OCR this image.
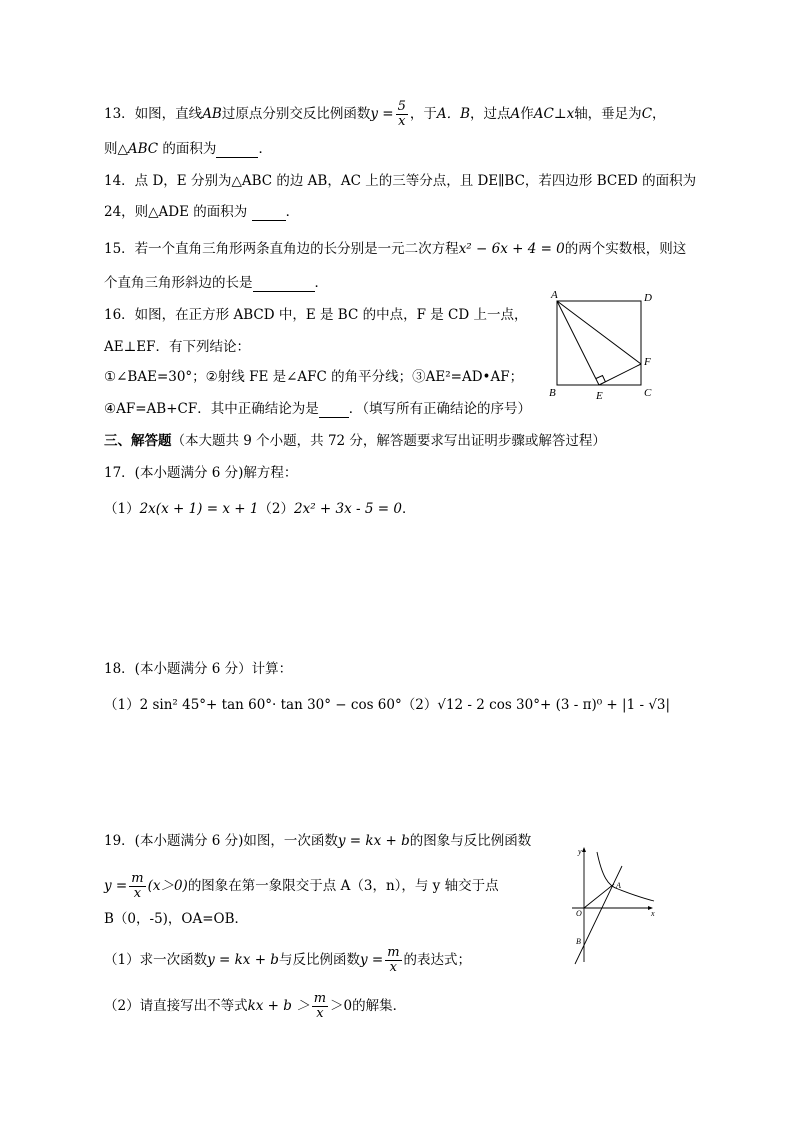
13．如图，直线AB过原点分别交反比例函数$y = \frac{5}{x}$ ，于A．B，过点A作AC⊥x轴，垂足为C，
则△ABC 的面积为	．
14．点 D，E 分别为△ABC 的边 AB，AC 上的三等分点，且 DE∥BC，若四边形 BCED 的面积为
24，则△ADE 的面积为	．
15．若一个直角三角形两条直角边的长分别是一元二次方程x² − 6x + 4 = 0的两个实数根，则这
个直角三角形斜边的长是	．
16．如图，在正方形 ABCD 中，E 是 BC 的中点，F 是 CD 上一点，
AE⊥EF．有下列结论：
①∠BAE=30°；②射线 FE 是∠AFC 的角平分线；③AE²=AD•AF；
④AF=AB+CF．其中正确结论为是 ．（填写所有正确结论的序号）
A	D
B	E	C
F
三、解答题（本大题共 9 个小题，共 72 分，解答题要求写出证明步骤或解答过程）
17．(本小题满分 6 分)解方程：
（1）2x(x + 1) = x + 1（2）2x² + 3x - 5 = 0．
18．(本小题满分 6 分）计算：
（1）2 sin² 45°+ tan 60°· tan 30° − cos 60°（2）√12 - 2 cos 30°+ (3 - π)⁰ + |1 - √3|
19．(本小题满分 6 分)如图，一次函数y = kx + b的图象与反比例函数
$y = \frac{m}{x} (x>0)$的图象在第一象限交于点 A（3，n），与 y 轴交于点
B（0，-5)，OA=OB．
（1）求一次函数y = kx + b与反比例函数$y = \frac{m}{x}$ 的表达式；
（2）请直接写出不等式kx + $b > \frac{m}{x} >0$的解集．
y
x
O
A
B
